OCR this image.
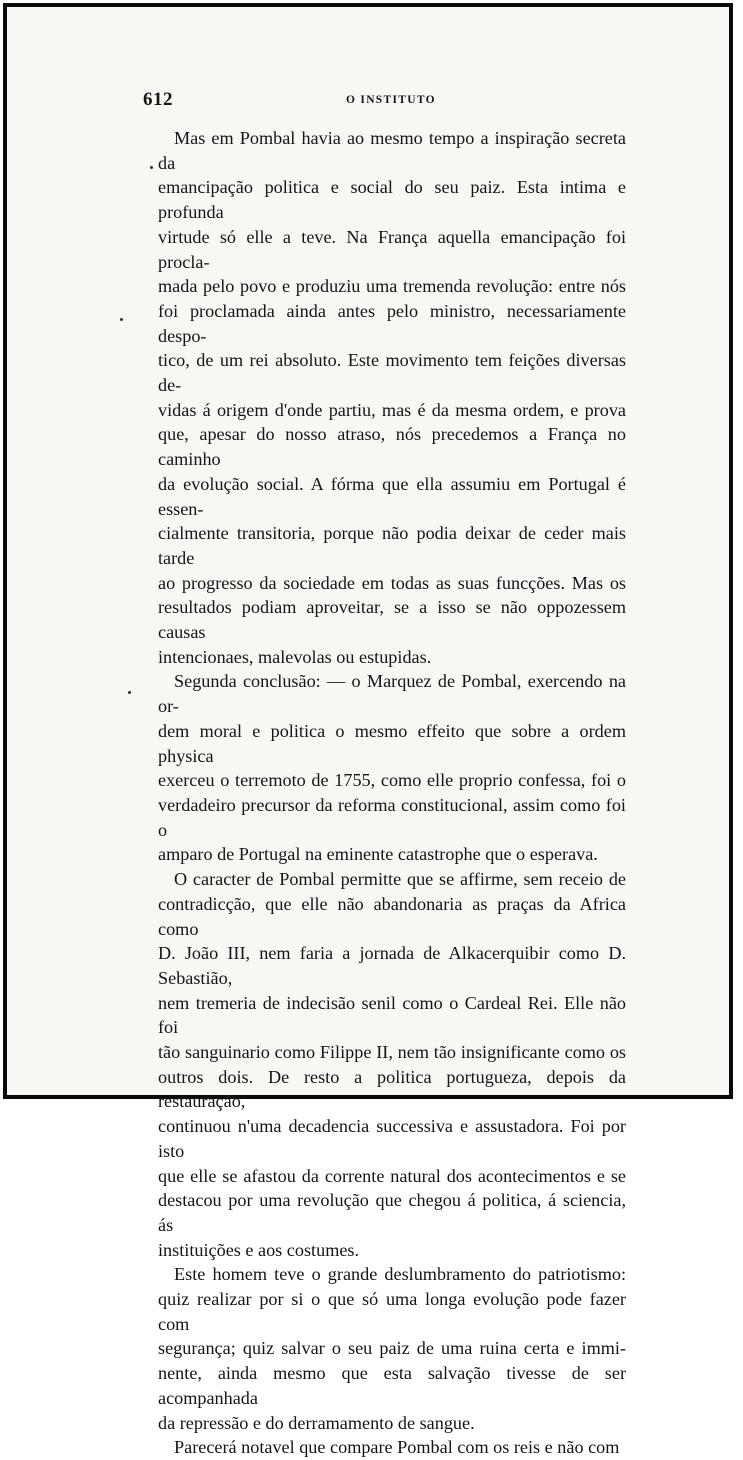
612	O INSTITUTO

Mas em Pombal havia ao mesmo tempo a inspiração secreta da
emancipação politica e social do seu paiz. Esta intima e profunda
virtude só elle a teve. Na França aquella emancipação foi procla-
mada pelo povo e produziu uma tremenda revolução: entre nós
foi proclamada ainda antes pelo ministro, necessariamente despo-
tico, de um rei absoluto. Este movimento tem feições diversas de-
vidas á origem d'onde partiu, mas é da mesma ordem, e prova
que, apesar do nosso atraso, nós precedemos a França no caminho
da evolução social. A fórma que ella assumiu em Portugal é essen-
cialmente transitoria, porque não podia deixar de ceder mais tarde
ao progresso da sociedade em todas as suas funcções. Mas os
resultados podiam aproveitar, se a isso se não oppozessem causas
intencionaes, malevolas ou estupidas.

Segunda conclusão: — o Marquez de Pombal, exercendo na or-
dem moral e politica o mesmo effeito que sobre a ordem physica
exerceu o terremoto de 1755, como elle proprio confessa, foi o
verdadeiro precursor da reforma constitucional, assim como foi o
amparo de Portugal na eminente catastrophe que o esperava.

O caracter de Pombal permitte que se affirme, sem receio de
contradicção, que elle não abandonaria as praças da Africa como
D. João III, nem faria a jornada de Alkacerquibir como D. Sebastião,
nem tremeria de indecisão senil como o Cardeal Rei. Elle não foi
tão sanguinario como Filippe II, nem tão insignificante como os
outros dois. De resto a politica portugueza, depois da restauração,
continuou n'uma decadencia successiva e assustadora. Foi por isto
que elle se afastou da corrente natural dos acontecimentos e se
destacou por uma revolução que chegou á politica, á sciencia, ás
instituições e aos costumes.

Este homem teve o grande deslumbramento do patriotismo:
quiz realizar por si o que só uma longa evolução pode fazer com
segurança; quiz salvar o seu paiz de uma ruina certa e immi-
nente, ainda mesmo que esta salvação tivesse de ser acompanhada
da repressão e do derramamento de sangue.

Parecerá notavel que compare Pombal com os reis e não com
